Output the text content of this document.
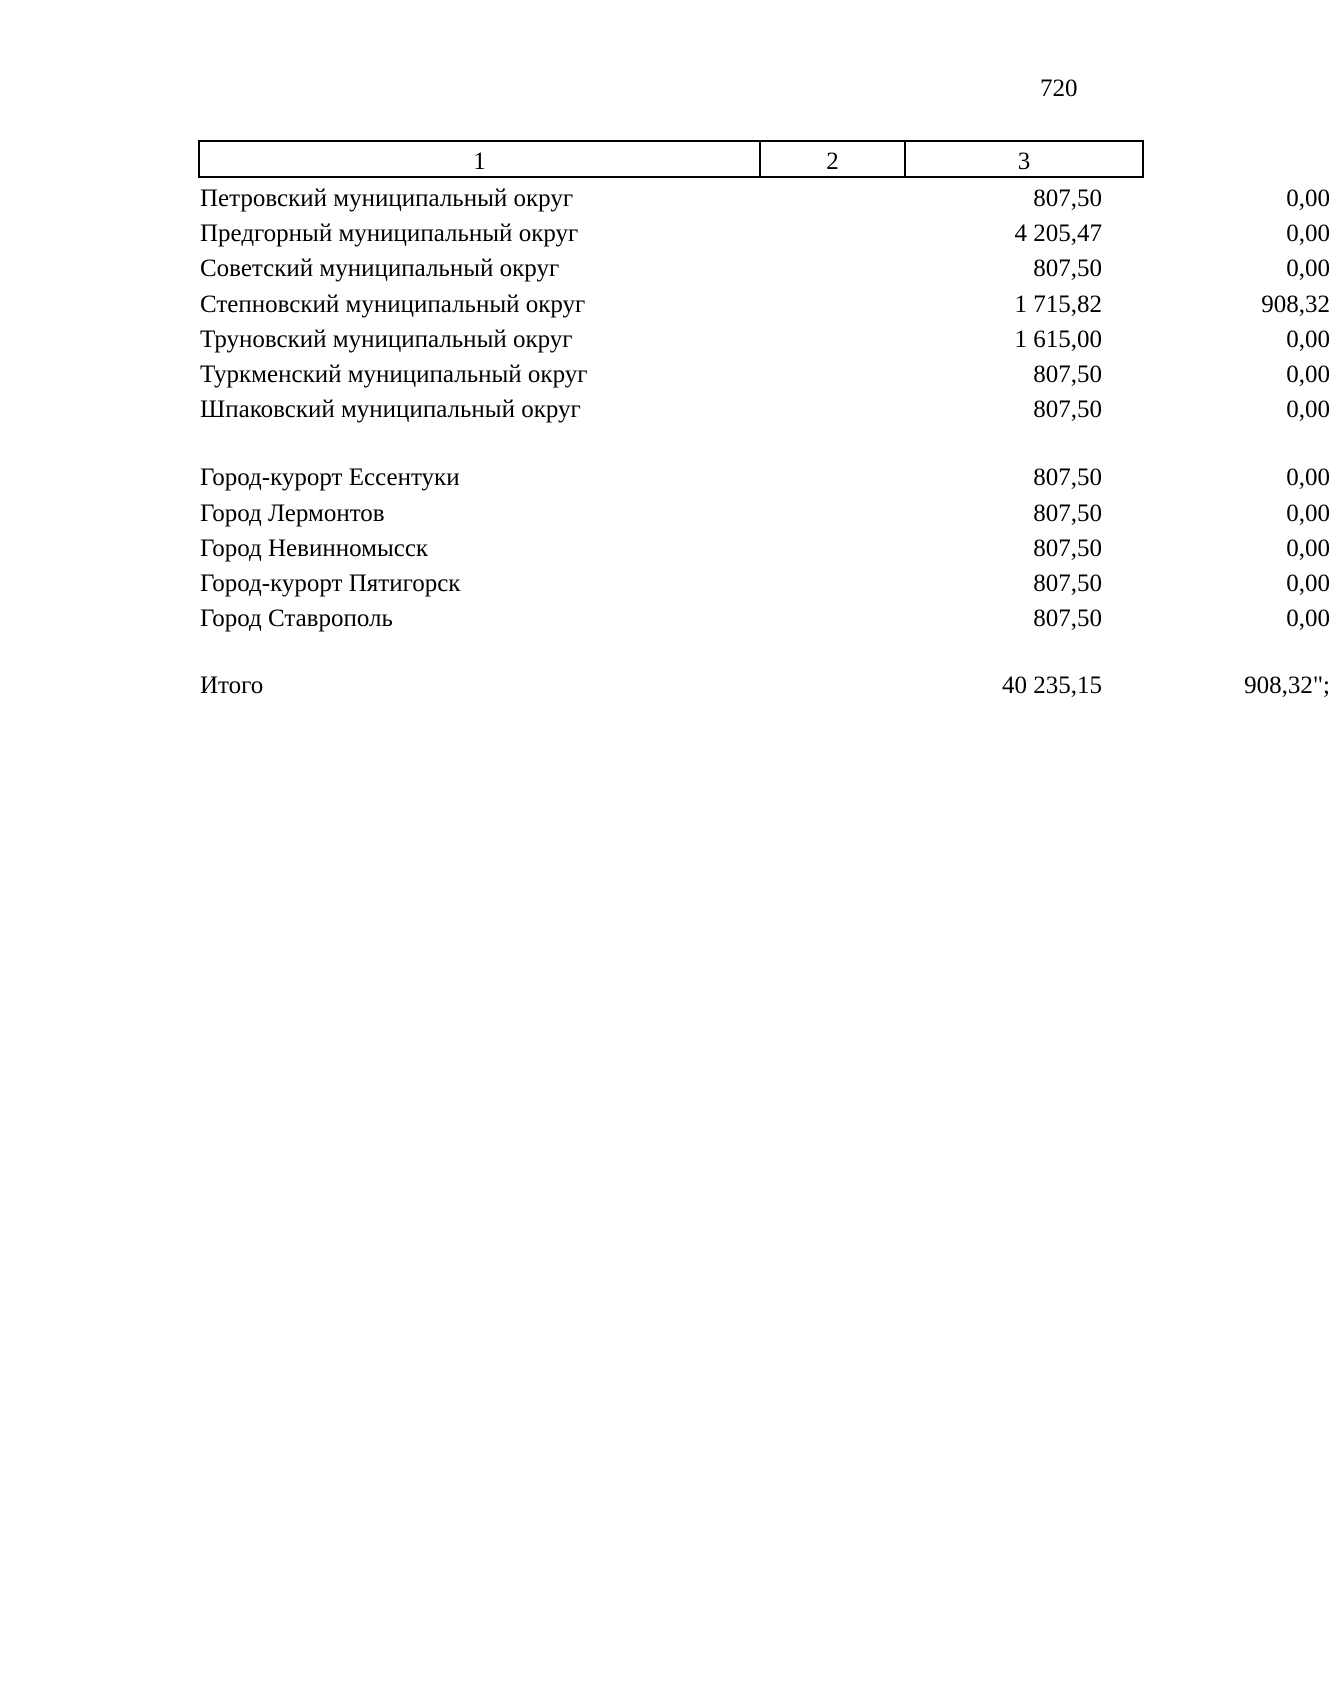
720
1	2	3
Петровский муниципальный округ	807,50	0,00
Предгорный муниципальный округ	4 205,47	0,00
Советский муниципальный округ	807,50	0,00
Степновский муниципальный округ	1 715,82	908,32
Труновский муниципальный округ	1 615,00	0,00
Туркменский муниципальный округ	807,50	0,00
Шпаковский муниципальный округ	807,50	0,00
Город-курорт Ессентуки	807,50	0,00
Город Лермонтов	807,50	0,00
Город Невинномысск	807,50	0,00
Город-курорт Пятигорск	807,50	0,00
Город Ставрополь	807,50	0,00
Итого	40 235,15	908,32";
